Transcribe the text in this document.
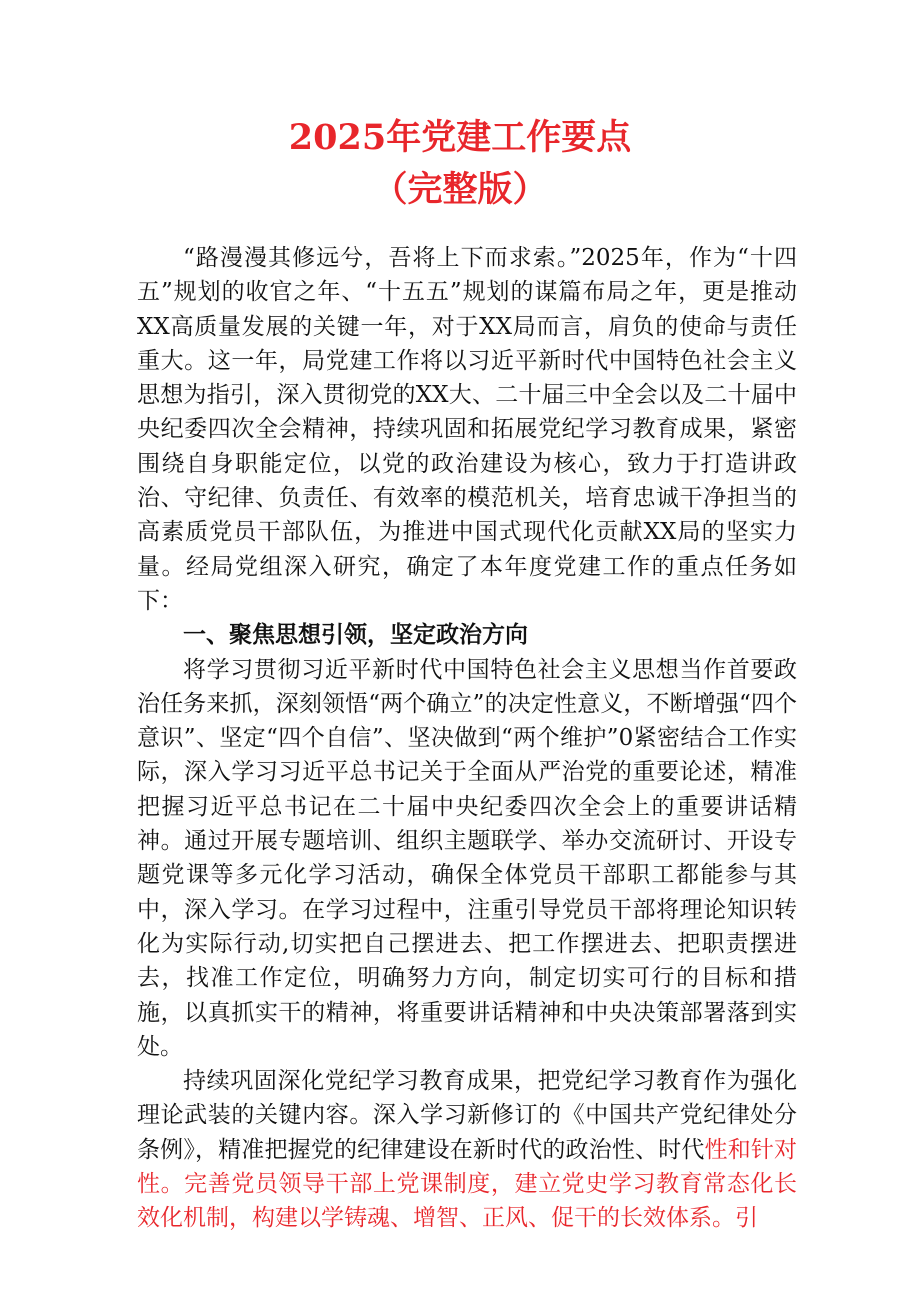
2025年党建工作要点
（完整版）

“路漫漫其修远兮，吾将上下而求索。”2025年，作为“十四五”规划的收官之年、“十五五”规划的谋篇布局之年，更是推动XX高质量发展的关键一年，对于XX局而言，肩负的使命与责任重大。这一年，局党建工作将以习近平新时代中国特色社会主义思想为指引，深入贯彻党的XX大、二十届三中全会以及二十届中央纪委四次全会精神，持续巩固和拓展党纪学习教育成果，紧密围绕自身职能定位，以党的政治建设为核心，致力于打造讲政治、守纪律、负责任、有效率的模范机关，培育忠诚干净担当的高素质党员干部队伍，为推进中国式现代化贡献XX局的坚实力量。经局党组深入研究，确定了本年度党建工作的重点任务如下：

一、聚焦思想引领，坚定政治方向

将学习贯彻习近平新时代中国特色社会主义思想当作首要政治任务来抓，深刻领悟“两个确立”的决定性意义，不断增强“四个意识”、坚定“四个自信”、坚决做到“两个维护”0紧密结合工作实际，深入学习习近平总书记关于全面从严治党的重要论述，精准把握习近平总书记在二十届中央纪委四次全会上的重要讲话精神。通过开展专题培训、组织主题联学、举办交流研讨、开设专题党课等多元化学习活动，确保全体党员干部职工都能参与其中，深入学习。在学习过程中，注重引导党员干部将理论知识转化为实际行动,切实把自己摆进去、把工作摆进去、把职责摆进去，找准工作定位，明确努力方向，制定切实可行的目标和措施，以真抓实干的精神，将重要讲话精神和中央决策部署落到实处。

持续巩固深化党纪学习教育成果，把党纪学习教育作为强化理论武装的关键内容。深入学习新修订的《中国共产党纪律处分条例》，精准把握党的纪律建设在新时代的政治性、时代性和针对性。完善党员领导干部上党课制度，建立党史学习教育常态化长效化机制，构建以学铸魂、增智、正风、促干的长效体系。引
